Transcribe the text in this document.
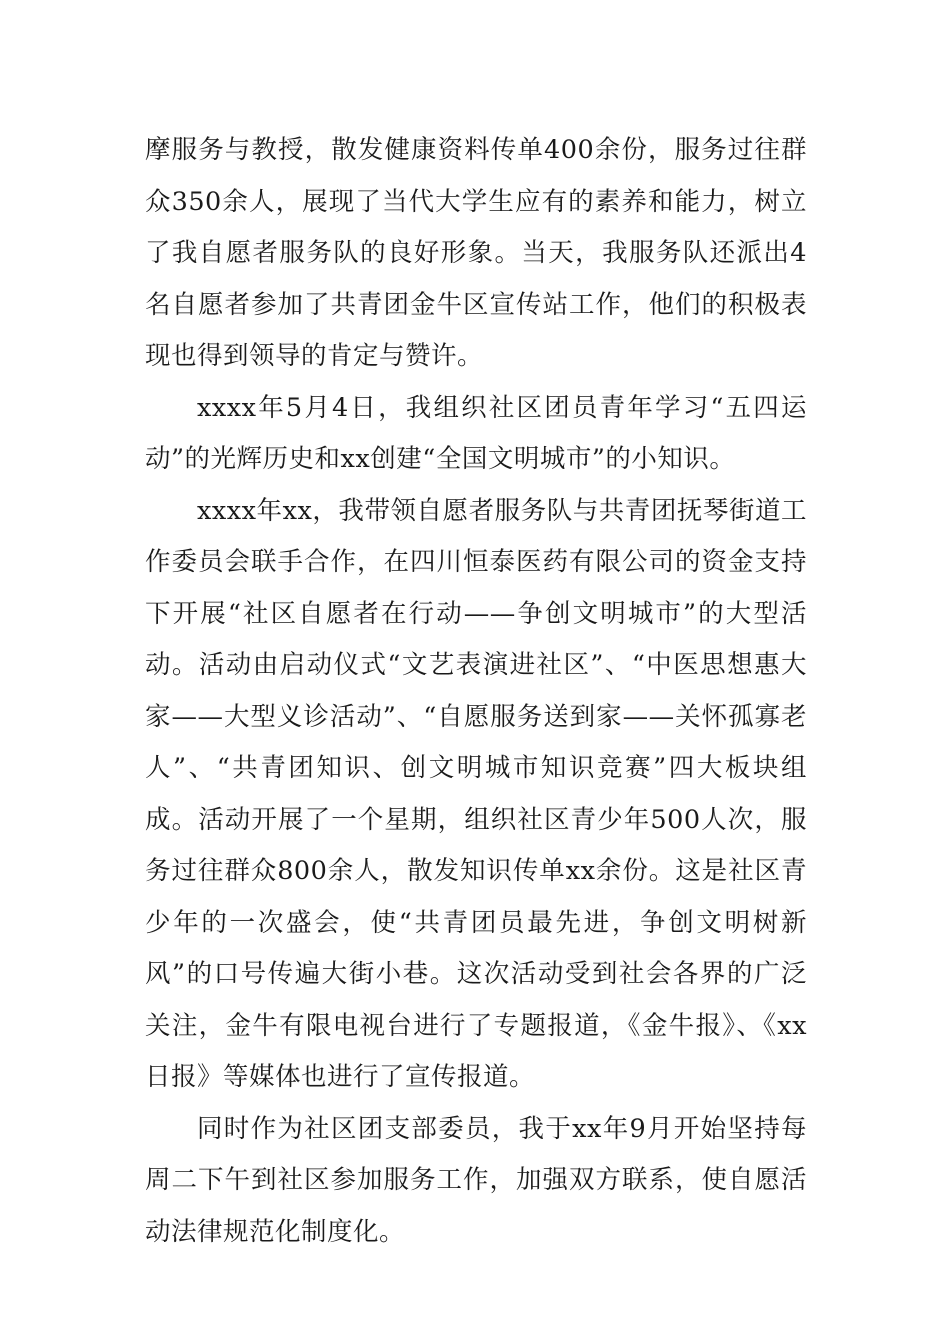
摩服务与教授，散发健康资料传单400余份，服务过往群众350余人，展现了当代大学生应有的素养和能力，树立了我自愿者服务队的良好形象。当天，我服务队还派出4名自愿者参加了共青团金牛区宣传站工作，他们的积极表现也得到领导的肯定与赞许。

xxxx年5月4日，我组织社区团员青年学习“五四运动”的光辉历史和xx创建“全国文明城市”的小知识。

xxxx年xx，我带领自愿者服务队与共青团抚琴街道工作委员会联手合作，在四川恒泰医药有限公司的资金支持下开展“社区自愿者在行动——争创文明城市”的大型活动。活动由启动仪式“文艺表演进社区”、“中医思想惠大家——大型义诊活动”、“自愿服务送到家——关怀孤寡老人”、“共青团知识、创文明城市知识竞赛”四大板块组成。活动开展了一个星期，组织社区青少年500人次，服务过往群众800余人，散发知识传单xx余份。这是社区青少年的一次盛会，使“共青团员最先进，争创文明树新风”的口号传遍大街小巷。这次活动受到社会各界的广泛关注，金牛有限电视台进行了专题报道，《金牛报》、《xx日报》等媒体也进行了宣传报道。

同时作为社区团支部委员，我于xx年9月开始坚持每周二下午到社区参加服务工作，加强双方联系，使自愿活动法律规范化制度化。
